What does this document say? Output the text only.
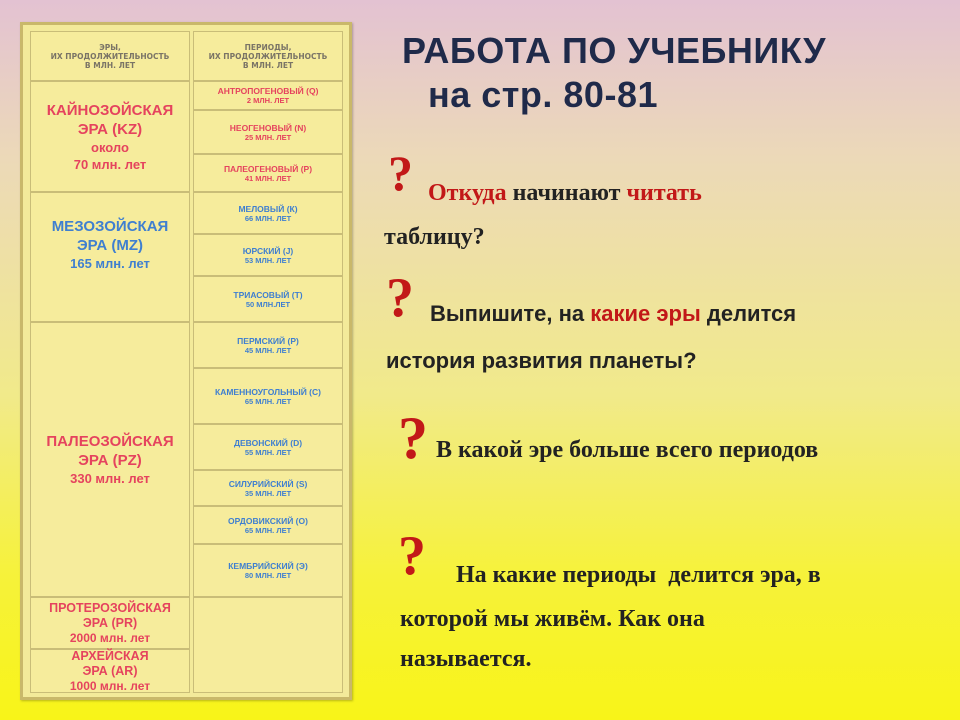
ЭРЫ,
ИХ ПРОДОЛЖИТЕЛЬНОСТЬ
В МЛН. ЛЕТ
КАЙНОЗОЙСКАЯ
ЭРА (KZ)
около
70 млн. лет
МЕЗОЗОЙСКАЯ
ЭРА (MZ)
165 млн. лет
ПАЛЕОЗОЙСКАЯ
ЭРА (PZ)
330 млн. лет
ПРОТЕРОЗОЙСКАЯ
ЭРА (PR)
2000 млн. лет
АРХЕЙСКАЯ
ЭРА (AR)
1000 млн. лет
ПЕРИОДЫ,
ИХ ПРОДОЛЖИТЕЛЬНОСТЬ
В МЛН. ЛЕТ
АНТРОПОГЕНОВЫЙ (Q)
2 МЛН. ЛЕТ
НЕОГЕНОВЫЙ (N)
25 МЛН. ЛЕТ
ПАЛЕОГЕНОВЫЙ (Р)
41 МЛН. ЛЕТ
МЕЛОВЫЙ (К)
66 МЛН. ЛЕТ
ЮРСКИЙ (J)
53 МЛН. ЛЕТ
ТРИАСОВЫЙ (Т)
50 МЛН.ЛЕТ
ПЕРМСКИЙ (Р)
45 МЛН. ЛЕТ
КАМЕННОУГОЛЬНЫЙ (С)
65 МЛН. ЛЕТ
ДЕВОНСКИЙ (D)
55 МЛН. ЛЕТ
СИЛУРИЙСКИЙ (S)
35 МЛН. ЛЕТ
ОРДОВИКСКИЙ (О)
65 МЛН. ЛЕТ
КЕМБРИЙСКИЙ (Э)
80 МЛН. ЛЕТ
РАБОТА ПО УЧЕБНИКУ
на стр. 80-81
? Откуда начинают читать
таблицу?
? Выпишите, на какие эры делится
история развития планеты?
? В какой эре больше всего периодов
? На какие периоды  делится эра, в
которой мы живём. Как она
называется.
